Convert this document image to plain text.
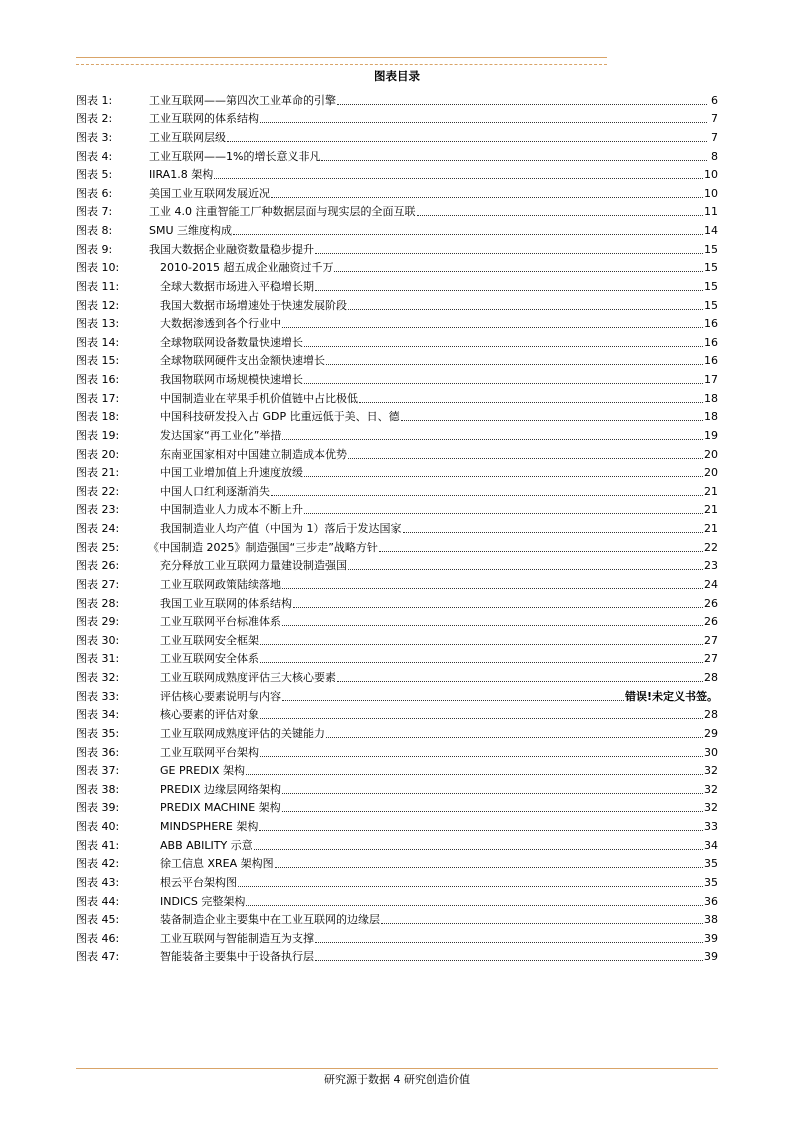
图表目录
图表 1:	工业互联网——第四次工业革命的引擎	6
图表 2:	工业互联网的体系结构	7
图表 3:	工业互联网层级	7
图表 4:	工业互联网——1%的增长意义非凡	8
图表 5:	IIRA1.8 架构	10
图表 6:	美国工业互联网发展近况	10
图表 7:	工业 4.0 注重智能工厂种数据层面与现实层的全面互联	11
图表 8:	SMU 三维度构成	14
图表 9:	我国大数据企业融资数量稳步提升	15
图表 10:	2010-2015 超五成企业融资过千万	15
图表 11:	全球大数据市场进入平稳增长期	15
图表 12:	我国大数据市场增速处于快速发展阶段	15
图表 13:	大数据渗透到各个行业中	16
图表 14:	全球物联网设备数量快速增长	16
图表 15:	全球物联网硬件支出金额快速增长	16
图表 16:	我国物联网市场规模快速增长	17
图表 17:	中国制造业在苹果手机价值链中占比极低	18
图表 18:	中国科技研发投入占 GDP 比重远低于美、日、德	18
图表 19:	发达国家“再工业化”举措	19
图表 20:	东南亚国家相对中国建立制造成本优势	20
图表 21:	中国工业增加值上升速度放缓	20
图表 22:	中国人口红利逐渐消失	21
图表 23:	中国制造业人力成本不断上升	21
图表 24:	我国制造业人均产值（中国为 1）落后于发达国家	21
图表 25:	《中国制造 2025》制造强国“三步走”战略方针	22
图表 26:	充分释放工业互联网力量建设制造强国	23
图表 27:	工业互联网政策陆续落地	24
图表 28:	我国工业互联网的体系结构	26
图表 29:	工业互联网平台标准体系	26
图表 30:	工业互联网安全框架	27
图表 31:	工业互联网安全体系	27
图表 32:	工业互联网成熟度评估三大核心要素	28
图表 33:	评估核心要素说明与内容	错误!未定义书签。
图表 34:	核心要素的评估对象	28
图表 35:	工业互联网成熟度评估的关键能力	29
图表 36:	工业互联网平台架构	30
图表 37:	GE PREDIX 架构	32
图表 38:	PREDIX 边缘层网络架构	32
图表 39:	PREDIX MACHINE 架构	32
图表 40:	MINDSPHERE 架构	33
图表 41:	ABB ABILITY 示意	34
图表 42:	徐工信息 XREA 架构图	35
图表 43:	根云平台架构图	35
图表 44:	INDICS 完整架构	36
图表 45:	装备制造企业主要集中在工业互联网的边缘层	38
图表 46:	工业互联网与智能制造互为支撑	39
图表 47:	智能装备主要集中于设备执行层	39
研究源于数据 4 研究创造价值
